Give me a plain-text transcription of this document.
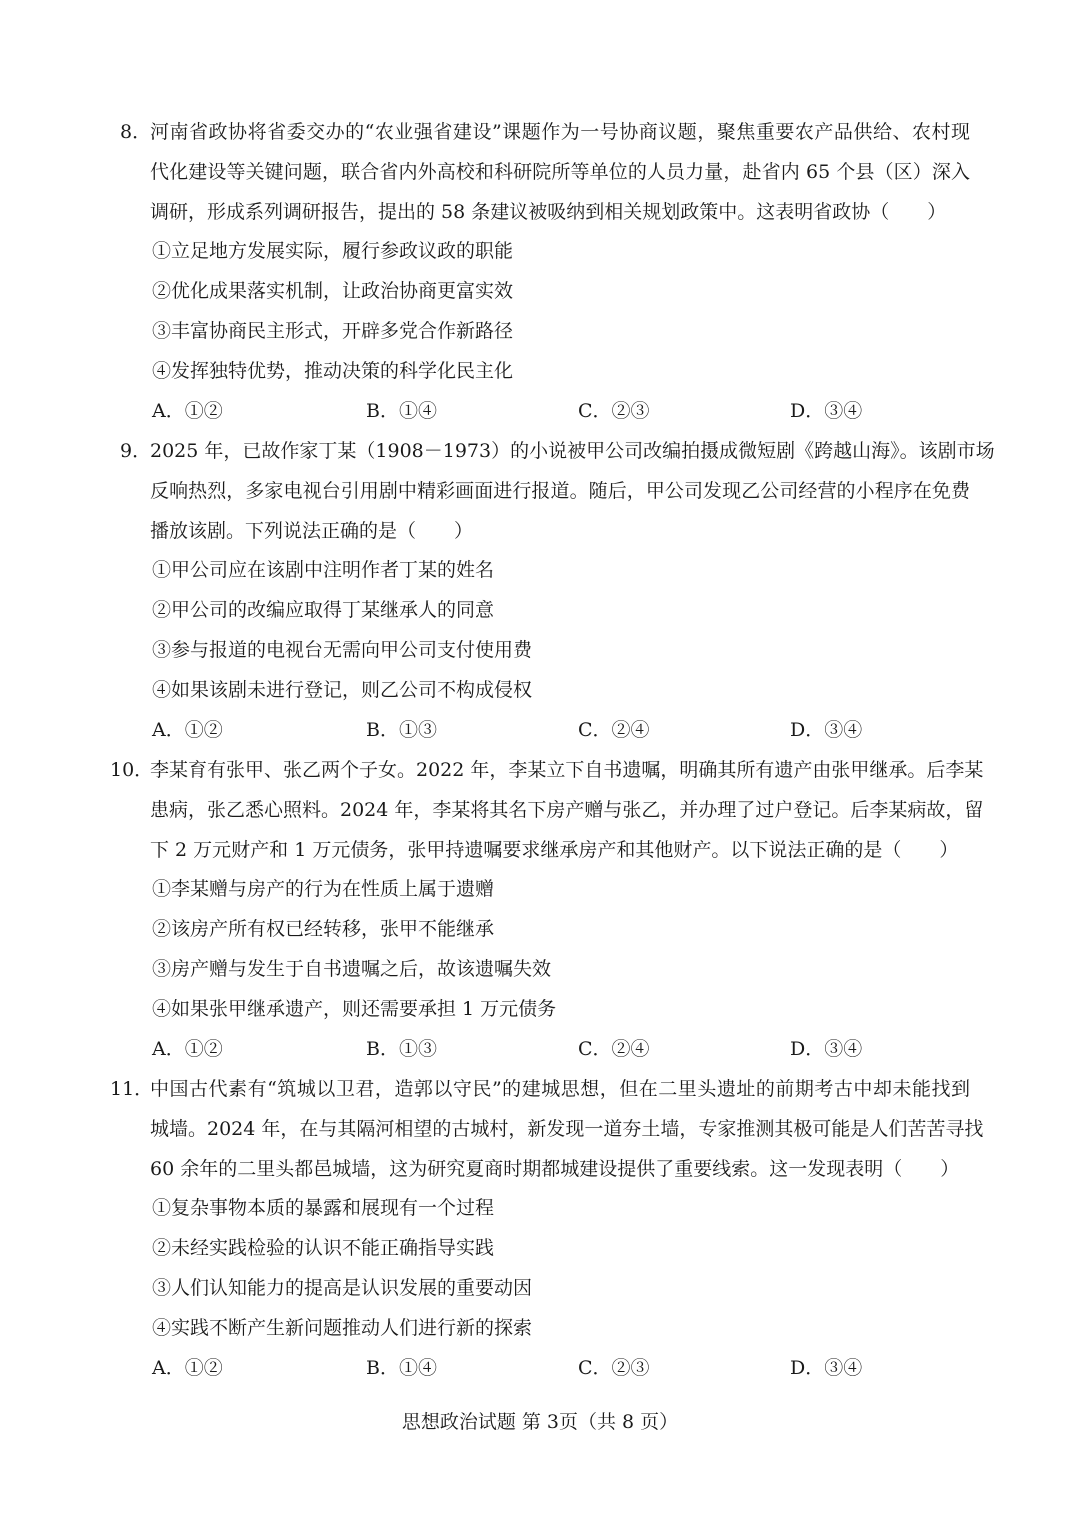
8．
河南省政协将省委交办的“农业强省建设”课题作为一号协商议题，聚焦重要农产品供给、农村现
代化建设等关键问题，联合省内外高校和科研院所等单位的人员力量，赴省内 65 个县（区）深入
调研，形成系列调研报告，提出的 58 条建议被吸纳到相关规划政策中。这表明省政协（　　）
①立足地方发展实际，履行参政议政的职能
②优化成果落实机制，让政治协商更富实效
③丰富协商民主形式，开辟多党合作新路径
④发挥独特优势，推动决策的科学化民主化
A．①②	B．①④	C．②③	D．③④
9．
2025 年，已故作家丁某（1908－1973）的小说被甲公司改编拍摄成微短剧《跨越山海》。该剧市场
反响热烈，多家电视台引用剧中精彩画面进行报道。随后，甲公司发现乙公司经营的小程序在免费
播放该剧。下列说法正确的是（　　）
①甲公司应在该剧中注明作者丁某的姓名
②甲公司的改编应取得丁某继承人的同意
③参与报道的电视台无需向甲公司支付使用费
④如果该剧未进行登记，则乙公司不构成侵权
A．①②	B．①③	C．②④	D．③④
10．
李某育有张甲、张乙两个子女。2022 年，李某立下自书遗嘱，明确其所有遗产由张甲继承。后李某
患病，张乙悉心照料。2024 年，李某将其名下房产赠与张乙，并办理了过户登记。后李某病故，留
下 2 万元财产和 1 万元债务，张甲持遗嘱要求继承房产和其他财产。以下说法正确的是（　　）
①李某赠与房产的行为在性质上属于遗赠
②该房产所有权已经转移，张甲不能继承
③房产赠与发生于自书遗嘱之后，故该遗嘱失效
④如果张甲继承遗产，则还需要承担 1 万元债务
A．①②	B．①③	C．②④	D．③④
11．
中国古代素有“筑城以卫君，造郭以守民”的建城思想，但在二里头遗址的前期考古中却未能找到
城墙。2024 年，在与其隔河相望的古城村，新发现一道夯土墙，专家推测其极可能是人们苦苦寻找
60 余年的二里头都邑城墙，这为研究夏商时期都城建设提供了重要线索。这一发现表明（　　）
①复杂事物本质的暴露和展现有一个过程
②未经实践检验的认识不能正确指导实践
③人们认知能力的提高是认识发展的重要动因
④实践不断产生新问题推动人们进行新的探索
A．①②	B．①④	C．②③	D．③④
思想政治试题 第 3页（共 8 页）
